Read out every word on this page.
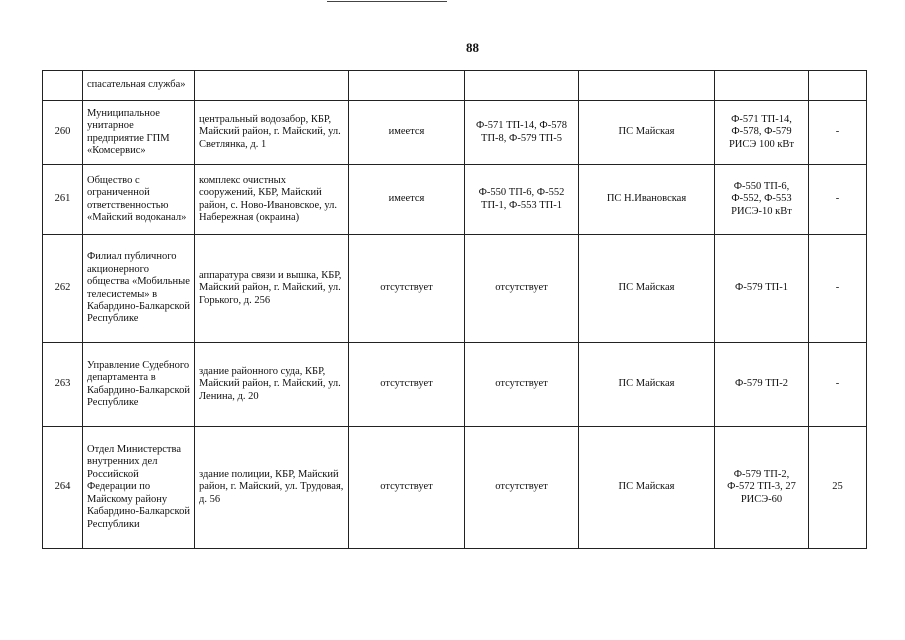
88
	спасательная служба»						
260	Муниципальное унитарное предприятие ГПМ «Комсервис»	центральный водозабор, КБР, Майский район, г. Майский, ул. Светлянка, д. 1	имеется	Ф-571 ТП-14, Ф-578 ТП-8, Ф-579 ТП-5	ПС Майская	Ф-571 ТП-14, Ф-578, Ф-579 РИСЭ 100 кВт	-
261	Общество с ограниченной ответственностью «Майский водоканал»	комплекс очистных сооружений, КБР, Майский район, с. Ново-Ивановское, ул. Набережная (окраина)	имеется	Ф-550 ТП-6, Ф-552 ТП-1, Ф-553 ТП-1	ПС Н.Ивановская	Ф-550 ТП-6, Ф-552, Ф-553 РИСЭ-10 кВт	-
262	Филиал публичного акционерного общества «Мобильные телесистемы» в Кабардино-Балкарской Республике	аппаратура связи и вышка, КБР, Майский район, г. Майский, ул. Горького, д. 256	отсутствует	отсутствует	ПС Майская	Ф-579 ТП-1	-
263	Управление Судебного департамента в Кабардино-Балкарской Республике	здание районного суда, КБР, Майский район, г. Майский, ул. Ленина, д. 20	отсутствует	отсутствует	ПС Майская	Ф-579 ТП-2	-
264	Отдел Министерства внутренних дел Российской Федерации по Майскому району Кабардино-Балкарской Республики	здание полиции, КБР, Майский район, г. Майский, ул. Трудовая, д. 56	отсутствует	отсутствует	ПС Майская	Ф-579 ТП-2, Ф-572 ТП-3, 27 РИСЭ-60	25
